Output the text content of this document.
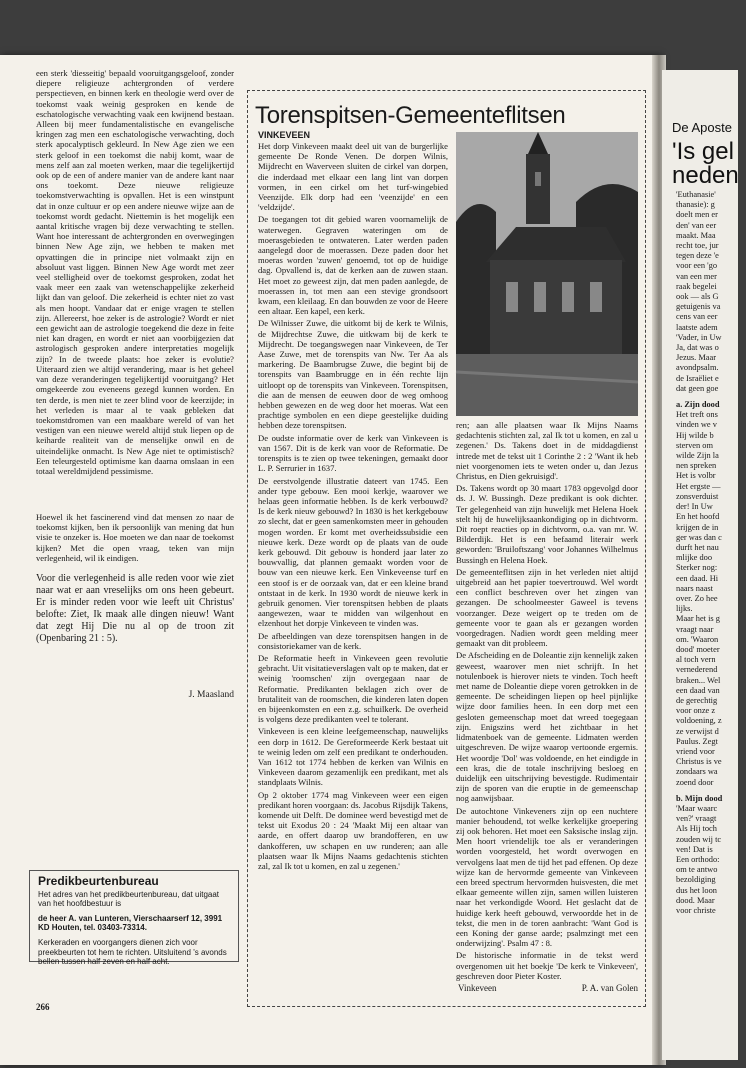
een sterk 'diesseitig' bepaald vooruitgangsgeloof, zonder diepere religieuze achtergronden of verdere perspectieven, en binnen kerk en theologie werd over de toekomst vaak weinig gesproken en kende de eschatologische verwachting vaak een kwijnend bestaan. Alleen bij meer fundamentalistische en evangelische kringen zag men een eschatologische verwachting, doch sterk apocalyptisch gekleurd. In New Age zien we een sterk geloof in een toekomst die nabij komt, waar de mens zelf aan zal moeten werken, maar die tegelijkertijd ook op de een of andere manier van de andere kant naar ons toekomt. Deze nieuwe religieuze toekomstverwachting is opvallen. Het is een winstpunt dat in onze cultuur er op een andere nieuwe wijze aan de toekomst wordt gedacht. Niettemin is het mogelijk een aantal kritische vragen bij deze verwachting te stellen. Want hoe interessant de achtergronden en overwegingen binnen New Age zijn, we hebben te maken met opvattingen die in principe niet volmaakt zijn en absoluut vast liggen. Binnen New Age wordt met zeer veel stelligheid over de toekomst gesproken, zodat het vaak meer een zaak van wetenschappelijke zekerheid lijkt dan van geloof. Die zekerheid is echter niet zo vast als men hoopt. Vandaar dat er enige vragen te stellen zijn. Allereerst, hoe zeker is de astrologie? Wordt er niet een gewicht aan de astrologie toegekend die deze in feite niet kan dragen, en wordt er niet aan voorbijgezien dat astrologisch gesproken andere interpretaties mogelijk zijn? In de tweede plaats: hoe zeker is evolutie? Uiteraard zien we altijd verandering, maar is het geheel van deze veranderingen tegelijkertijd vooruitgang? Het omgekeerde zou eveneens gezegd kunnen worden. En ten derde, is men niet te zeer blind voor de keerzijde; in het verleden is maar al te vaak gebleken dat toekomstdromen van een maakbare wereld of van het vestigen van een nieuwe wereld altijd stuk liepen op de keiharde realiteit van de menselijke onwil en de uiteindelijke onmacht. Is New Age niet te optimistisch? Een teleurgesteld optimisme kan daarna omslaan in een totaal wereldmijdend pessimisme.

Hoewel ik het fascinerend vind dat mensen zo naar de toekomst kijken, ben ik persoonlijk van mening dat hun visie te onzeker is. Hoe moeten we dan naar de toekomst kijken? Met die open vraag, teken van mijn verlegenheid, wil ik eindigen.

Voor die verlegenheid is alle reden voor wie ziet naar wat er aan vreselijks om ons heen gebeurt. Er is minder reden voor wie leeft uit Christus' belofte: Ziet, Ik maak alle dingen nieuw! Want dat zegt Hij Die nu al op de troon zit (Openbaring 21 : 5).

J. Maasland
Predikbeurtenbureau

Het adres van het predikbeurtenbureau, dat uitgaat van het hoofdbestuur is

de heer A. van Lunteren, Vierschaarserf 12, 3991 KD Houten, tel. 03403-73314.

Kerkeraden en voorgangers dienen zich voor preekbeurten tot hem te richten. Uitsluitend 's avonds bellen tussen half zeven en half acht.

Torenspitsen-Gemeenteflitsen
VINKEVEEN

Het dorp Vinkeveen maakt deel uit van de burgerlijke gemeente De Ronde Venen. De dorpen Wilnis, Mijdrecht en Waverveen sluiten de cirkel van dorpen, die inderdaad met elkaar een lang lint van dorpen vormen, in een cirkel om het turf-wingebied Veenzijde. Elk dorp had een 'veenzijde' en een 'veldzijde'.

De toegangen tot dit gebied waren voornamelijk de waterwegen. Gegraven wateringen om de moerasgebieden te ontwateren. Later werden paden aangelegd door de moerassen. Deze paden door het moeras worden 'zuwen' genoemd, tot op de huidige dag. Opvallend is, dat de kerken aan de zuwen staan. Het moet zo geweest zijn, dat men paden aanlegde, de moerassen in, tot men aan een stevige grondsoort kwam, een kleilaag. En dan bouwden ze voor de Heere een altaar. Een kapel, een kerk.

De Wilnisser Zuwe, die uitkomt bij de kerk te Wilnis, de Mijdrechtse Zuwe, die uitkwam bij de kerk te Mijdrecht. De toegangswegen naar Vinkeveen, de Ter Aase Zuwe, met de torenspits van Nw. Ter Aa als markering. De Baambrugse Zuwe, die begint bij de torenspits van Baambrugge en in één rechte lijn uitloopt op de torenspits van Vinkeveen. Torenspitsen, die aan de mensen de eeuwen door de weg omhoog hebben gewezen en de weg door het moeras. Wat een prachtige symbolen en een diepe geestelijke duiding hebben deze torenspitsen.

De oudste informatie over de kerk van Vinkeveen is van 1567. Dit is de kerk van voor de Reformatie. De torenspits is te zien op twee tekeningen, gemaakt door L. P. Serrurier in 1637.

De eerstvolgende illustratie dateert van 1745. Een ander type gebouw. Een mooi kerkje, waarover we helaas geen informatie hebben. Is de kerk verbouwd? Is de kerk nieuw gebouwd? In 1830 is het kerkgebouw zo slecht, dat er geen samenkomsten meer in gehouden mogen worden. Er komt met overheidssubsidie een nieuwe kerk. Deze wordt op de plaats van de oude kerk gebouwd. Dit gebouw is honderd jaar later zo bouwvallig, dat plannen gemaakt worden voor de bouw van een nieuwe kerk. Een Vinkeveense turf en een stoof is er de oorzaak van, dat er een kleine brand ontstaat in de kerk. In 1930 wordt de nieuwe kerk in gebruik genomen. Vier torenspitsen hebben de plaats aangewezen, waar te midden van wilgenhout en elzenhout het dorpje Vinkeveen te vinden was.

De afbeeldingen van deze torenspitsen hangen in de consistoriekamer van de kerk.

De Reformatie heeft in Vinkeveen geen revolutie gebracht. Uit visitatieverslagen valt op te maken, dat er weinig 'roomschen' zijn overgegaan naar de Reformatie. Predikanten beklagen zich over de brutaliteit van de roomschen, die kinderen laten dopen en bijeenkomsten en een z.g. schuilkerk. De overheid is volgens deze predikanten veel te tolerant.

Vinkeveen is een kleine leefgemeenschap, nauwelijks een dorp in 1612. De Gereformeerde Kerk bestaat uit te weinig leden om zelf een predikant te onderhouden. Van 1612 tot 1774 hebben de kerken van Wilnis en Vinkeveen daarom gezamenlijk een predikant, met als standplaats Wilnis.

Op 2 oktober 1774 mag Vinkeveen weer een eigen predikant horen voorgaan: ds. Jacobus Rijsdijk Takens, komende uit Delft. De dominee werd bevestigd met de tekst uit Exodus 20 : 24 'Maakt Mij een altaar van aarde, en offert daarop uw brandofferen, en uw dankofferen, uw schapen en uw runderen; aan alle plaatsen waar Ik Mijns Naams gedachtenis stichten zal, zal Ik tot u komen, en zal u zegenen.'

ren; aan alle plaatsen waar Ik Mijns Naams gedachtenis stichten zal, zal Ik tot u komen, en zal u zegenen.' Ds. Takens doet in de middagdienst intrede met de tekst uit 1 Corinthe 2 : 2 'Want ik heb niet voorgenomen iets te weten onder u, dan Jezus Christus, en Dien gekruisigd'.

Ds. Takens wordt op 30 maart 1783 opgevolgd door ds. J. W. Bussingh. Deze predikant is ook dichter. Ter gelegenheid van zijn huwelijk met Helena Hoek stelt hij de huwelijksaankondiging op in dichtvorm. Dit roept reacties op in dichtvorm, o.a. van mr. W. Bilderdijk. Het is een befaamd literair werk geworden: 'Bruiloftszang' voor Johannes Wilhelmus Bussingh en Helena Hoek.

De gemeenteflitsen zijn in het verleden niet altijd uitgebreid aan het papier toevertrouwd. Wel wordt een conflict beschreven over het zingen van gezangen. De schoolmeester Gaweel is tevens voorzanger. Deze weigert op te treden om de gemeente voor te gaan als er gezangen worden voorgedragen. Nadien wordt geen melding meer gemaakt van dit probleem.

De Afscheiding en de Doleantie zijn kennelijk zaken geweest, waarover men niet schrijft. In het notulenboek is hierover niets te vinden. Toch heeft met name de Doleantie diepe voren getrokken in de gemeente. De scheidingen liepen op heel pijnlijke wijze door families heen. In een dorp met een gesloten gemeenschap moet dat wreed toegegaan zijn. Enigszins werd het zichtbaar in het lidmatenboek van de gemeente. Lidmaten werden uitgeschreven. De wijze waarop vertoonde ergernis. Het woordje 'Dol' was voldoende, en het eindigde in een kras, die de totale inschrijving besloeg en duidelijk een uitschrijving bevestigde. Rudimentair zijn de sporen van die eruptie in de gemeenschap nog aanwijsbaar.

De autochtone Vinkeveners zijn op een nuchtere manier behoudend, tot welke kerkelijke groepering zij ook behoren. Het moet een Saksische inslag zijn. Men hoort vriendelijk toe als er veranderingen worden voorgesteld, het wordt overwogen en vervolgens laat men de tijd het pad effenen. Op deze wijze kan de hervormde gemeente van Vinkeveen een breed spectrum hervormden huisvesten, die met elkaar gemeente willen zijn, samen willen luisteren naar het verkondigde Woord. Het geslacht dat de huidige kerk heeft gebouwd, verwoordde het in de tekst, die men in de toren aanbracht: 'Want God is een Koning der ganse aarde; psalmzingt met een onderwijzing'. Psalm 47 : 8.

De historische informatie in de tekst werd overgenomen uit het boekje 'De kerk te Vinkeveen', geschreven door Pieter Koster.

Vinkeveen	P. A. van Golen
266
De Aposte
'Is gel
neden
'Euthanasie'
thanasie): g
doelt men er
den' van eer
maakt. Maa
recht toe, jur
tegen deze 'e
voor een 'go
van een mer
raak begelei
ook — als G
getuigenis va
cens van eer
laatste adem
'Vader, in Uw
Ja, dat was o
Jezus. Maar
avondpsalm.
de Israëliet e
dat geen goe
a. Zijn dood
Het treft ons
vinden we v
Hij wilde b
sterven om
wilde Zijn la
nen spreken
Het is volbr
Het ergste —
zonsverduist
der! In Uw
En het hoofd
krijgen de in
ger was dan c
durft het nau
mlijke doo
Sterker nog:
een daad. Hi
naars naast
over. Zo hee
lijks.
Maar het is g
vraagt naar
om. 'Waaron
dood' moeter
al toch vern
vernederend
braken... Wel
een daad van
de gerechtig
voor onze z
voldoening, z
ze verwijst d
Paulus. Zegt
vriend voor
Christus is ve
zondaars wa
zoend door
b. Mijn dood
'Maar waarc
ven?' vraagt
Als Hij toch
zouden wij tc
ven! Dat is
Een orthodo:
om te antwo
bezoldiging
dus het loon
dood. Maar
voor christe
